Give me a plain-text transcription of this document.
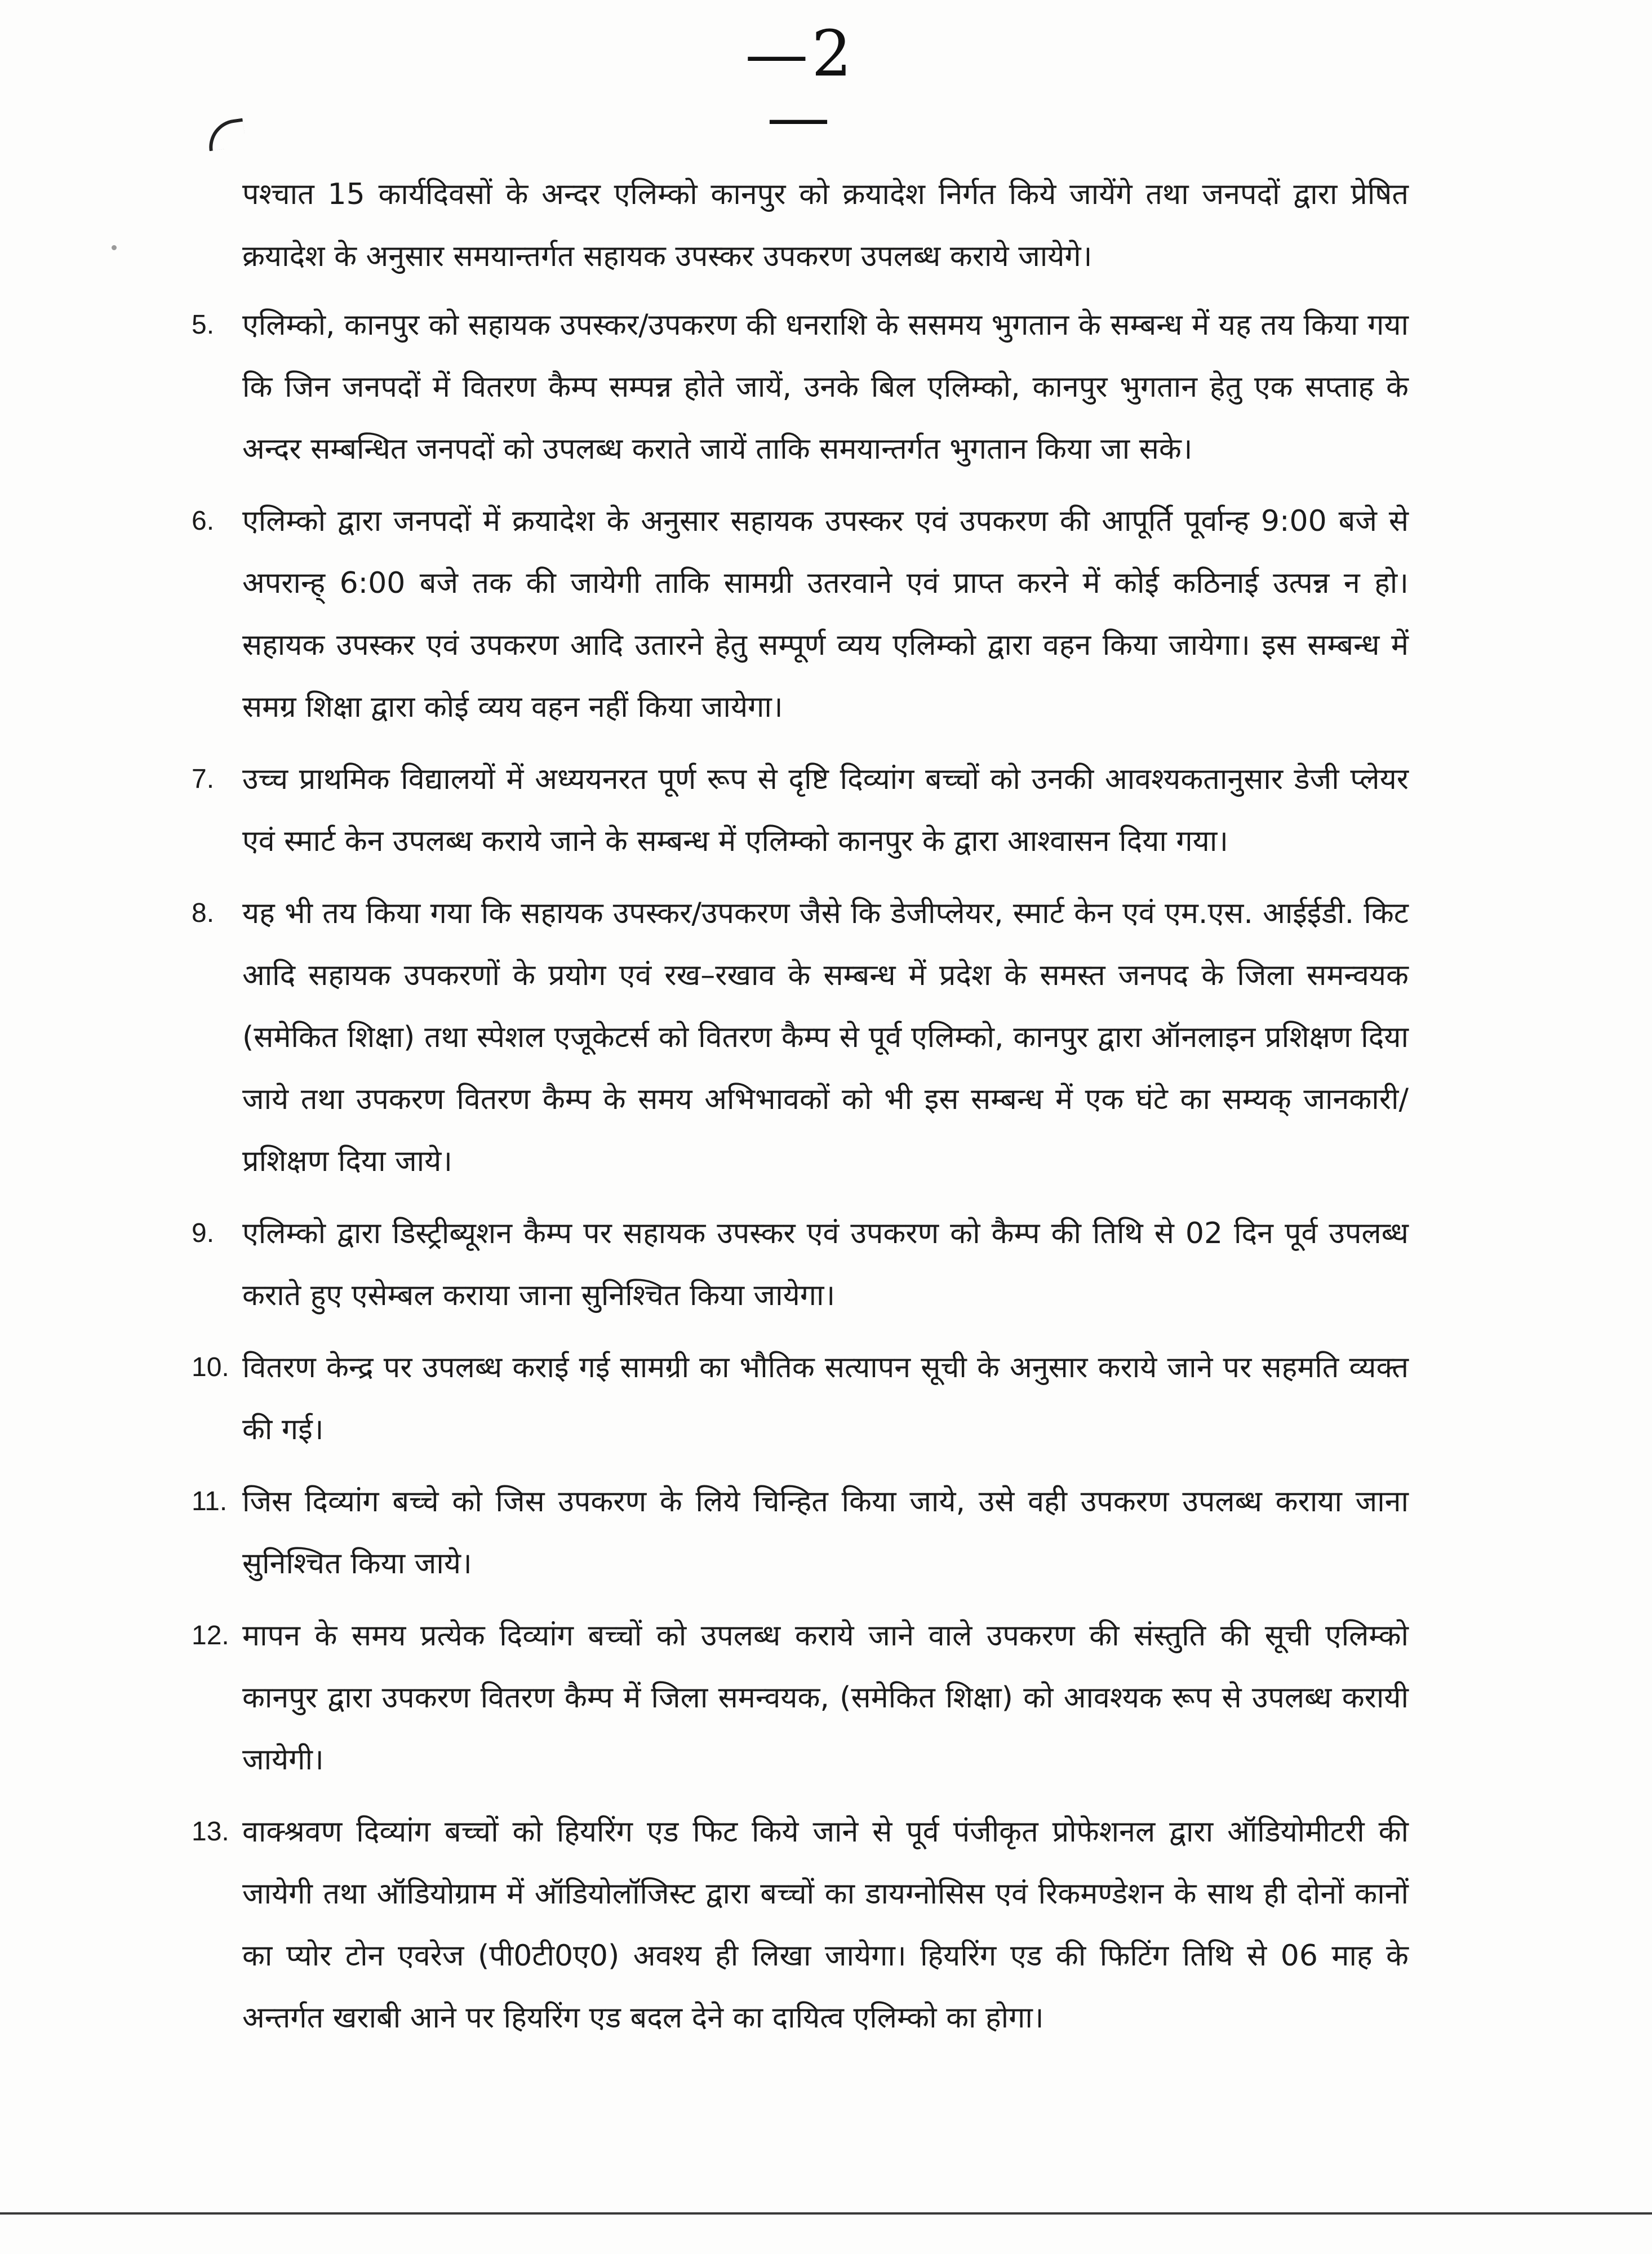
—2—

पश्चात 15 कार्यदिवसों के अन्दर एलिम्को कानपुर को क्रयादेश निर्गत किये जायेंगे तथा जनपदों द्वारा प्रेषित क्रयादेश के अनुसार समयान्तर्गत सहायक उपस्कर उपकरण उपलब्ध कराये जायेगे।

5. एलिम्को, कानपुर को सहायक उपस्कर/उपकरण की धनराशि के ससमय भुगतान के सम्बन्ध में यह तय किया गया कि जिन जनपदों में वितरण कैम्प सम्पन्न होते जायें, उनके बिल एलिम्को, कानपुर भुगतान हेतु एक सप्ताह के अन्दर सम्बन्धित जनपदों को उपलब्ध कराते जायें ताकि समयान्तर्गत भुगतान किया जा सके।
6. एलिम्को द्वारा जनपदों में क्रयादेश के अनुसार सहायक उपस्कर एवं उपकरण की आपूर्ति पूर्वान्ह 9:00 बजे से अपरान्ह् 6:00 बजे तक की जायेगी ताकि सामग्री उतरवाने एवं प्राप्त करने में कोई कठिनाई उत्पन्न न हो। सहायक उपस्कर एवं उपकरण आदि उतारने हेतु सम्पूर्ण व्यय एलिम्को द्वारा वहन किया जायेगा। इस सम्बन्ध में समग्र शिक्षा द्वारा कोई व्यय वहन नहीं किया जायेगा।
7. उच्च प्राथमिक विद्यालयों में अध्ययनरत पूर्ण रूप से दृष्टि दिव्यांग बच्चों को उनकी आवश्यकतानुसार डेजी प्लेयर एवं स्मार्ट केन उपलब्ध कराये जाने के सम्बन्ध में एलिम्को कानपुर के द्वारा आश्वासन दिया गया।
8. यह भी तय किया गया कि सहायक उपस्कर/उपकरण जैसे कि डेजीप्लेयर, स्मार्ट केन एवं एम.एस. आईईडी. किट आदि सहायक उपकरणों के प्रयोग एवं रख–रखाव के सम्बन्ध में प्रदेश के समस्त जनपद के जिला समन्वयक (समेकित शिक्षा) तथा स्पेशल एजूकेटर्स को वितरण कैम्प से पूर्व एलिम्को, कानपुर द्वारा ऑनलाइन प्रशिक्षण दिया जाये तथा उपकरण वितरण कैम्प के समय अभिभावकों को भी इस सम्बन्ध में एक घंटे का सम्यक् जानकारी/प्रशिक्षण दिया जाये।
9. एलिम्को द्वारा डिस्ट्रीब्यूशन कैम्प पर सहायक उपस्कर एवं उपकरण को कैम्प की तिथि से 02 दिन पूर्व उपलब्ध कराते हुए एसेम्बल कराया जाना सुनिश्चित किया जायेगा।
10. वितरण केन्द्र पर उपलब्ध कराई गई सामग्री का भौतिक सत्यापन सूची के अनुसार कराये जाने पर सहमति व्यक्त की गई।
11. जिस दिव्यांग बच्चे को जिस उपकरण के लिये चिन्हित किया जाये, उसे वही उपकरण उपलब्ध कराया जाना सुनिश्चित किया जाये।
12. मापन के समय प्रत्येक दिव्यांग बच्चों को उपलब्ध कराये जाने वाले उपकरण की संस्तुति की सूची एलिम्को कानपुर द्वारा उपकरण वितरण कैम्प में जिला समन्वयक, (समेकित शिक्षा) को आवश्यक रूप से उपलब्ध करायी जायेगी।
13. वाक्श्रवण दिव्यांग बच्चों को हियरिंग एड फिट किये जाने से पूर्व पंजीकृत प्रोफेशनल द्वारा ऑडियोमीटरी की जायेगी तथा ऑडियोग्राम में ऑडियोलॉजिस्ट द्वारा बच्चों का डायग्नोसिस एवं रिकमण्डेशन के साथ ही दोनों कानों का प्योर टोन एवरेज (पी0टी0ए0) अवश्य ही लिखा जायेगा। हियरिंग एड की फिटिंग तिथि से 06 माह के अन्तर्गत खराबी आने पर हियरिंग एड बदल देने का दायित्व एलिम्को का होगा।
